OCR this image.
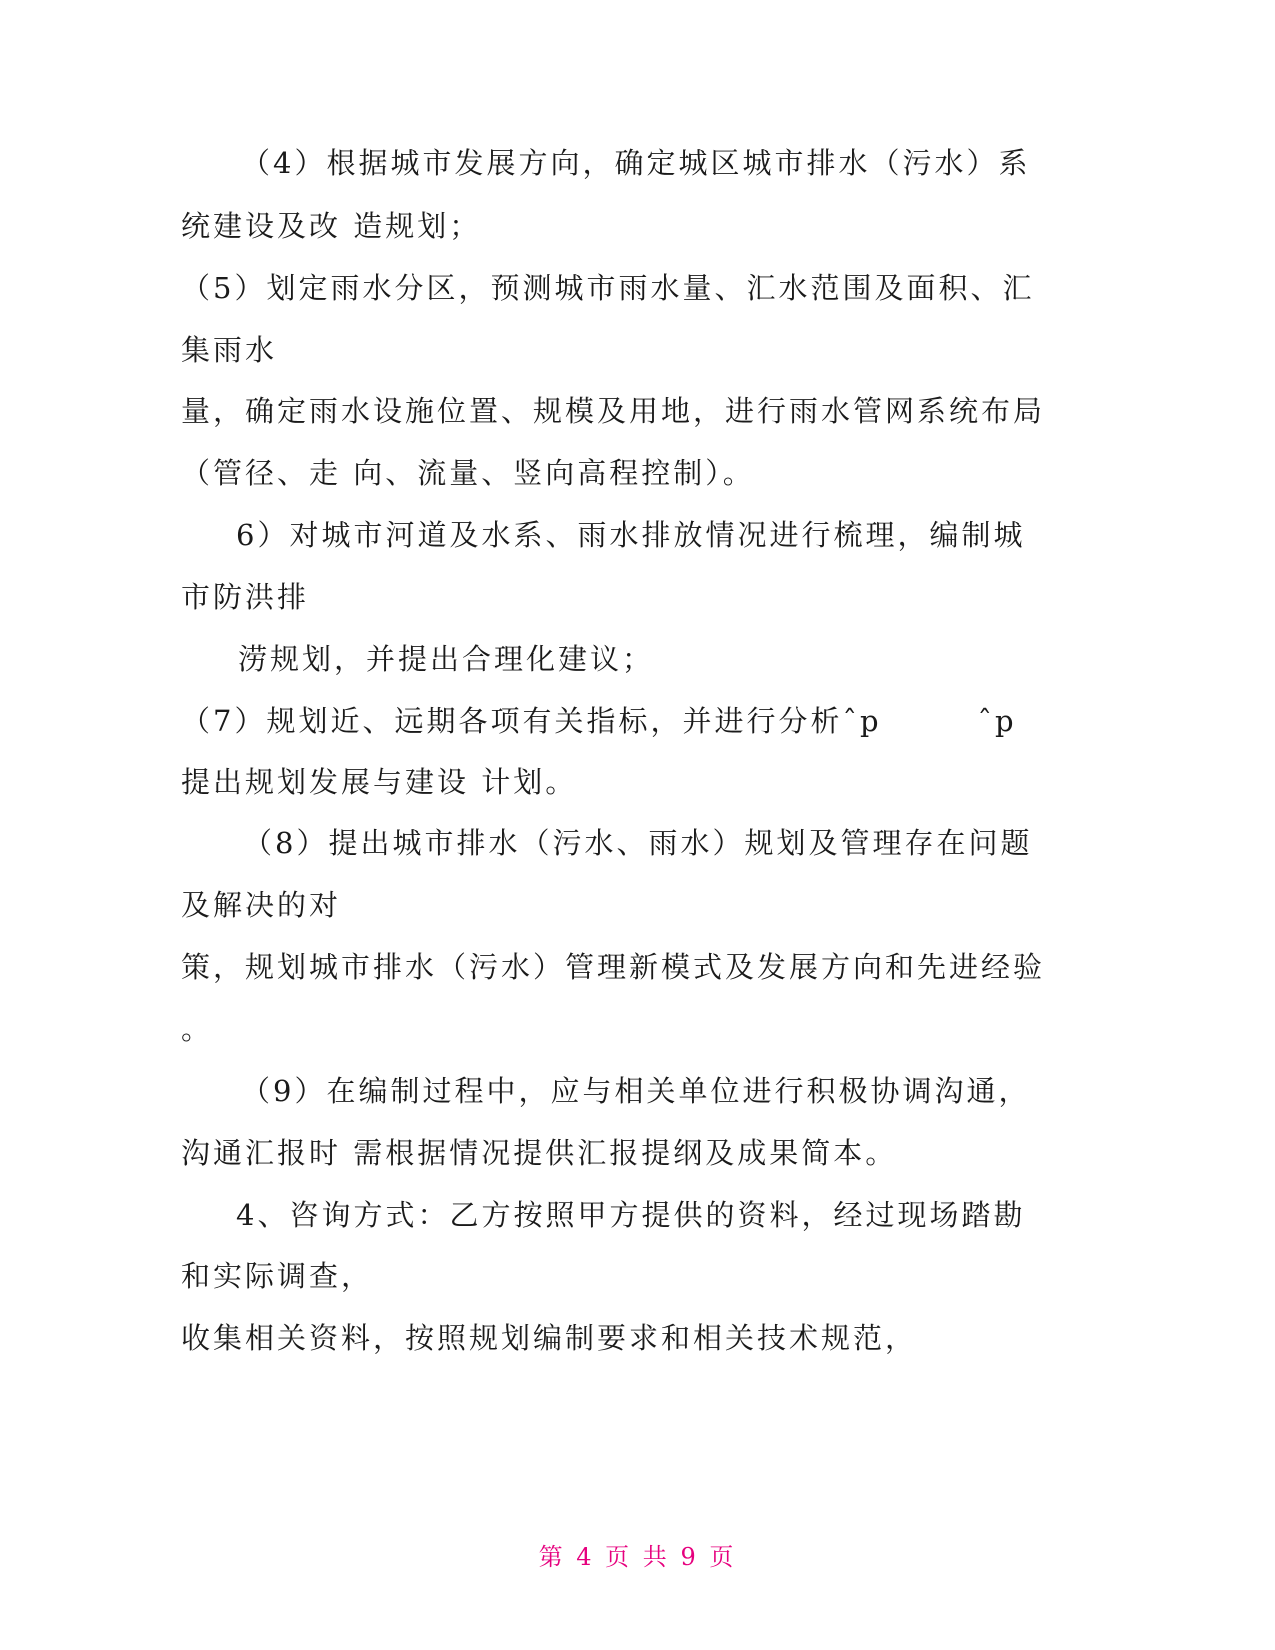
（4）根据城市发展方向，确定城区城市排水（污水）系
统建设及改 造规划；
（5）划定雨水分区，预测城市雨水量、汇水范围及面积、汇
集雨水
量，确定雨水设施位置、规模及用地，进行雨水管网系统布局
（管径、走 向、流量、竖向高程控制）。
6）对城市河道及水系、雨水排放情况进行梳理，编制城
市防洪排
涝规划，并提出合理化建议；
（7）规划近、远期各项有关指标，并进行分析ˆp　　　ˆp
提出规划发展与建设 计划。
（8）提出城市排水（污水、雨水）规划及管理存在问题
及解决的对
策，规划城市排水（污水）管理新模式及发展方向和先进经验
。
（9）在编制过程中，应与相关单位进行积极协调沟通，
沟通汇报时 需根据情况提供汇报提纲及成果简本。
4、咨询方式：乙方按照甲方提供的资料，经过现场踏勘
和实际调查，
收集相关资料，按照规划编制要求和相关技术规范，
第 4 页 共 9 页
